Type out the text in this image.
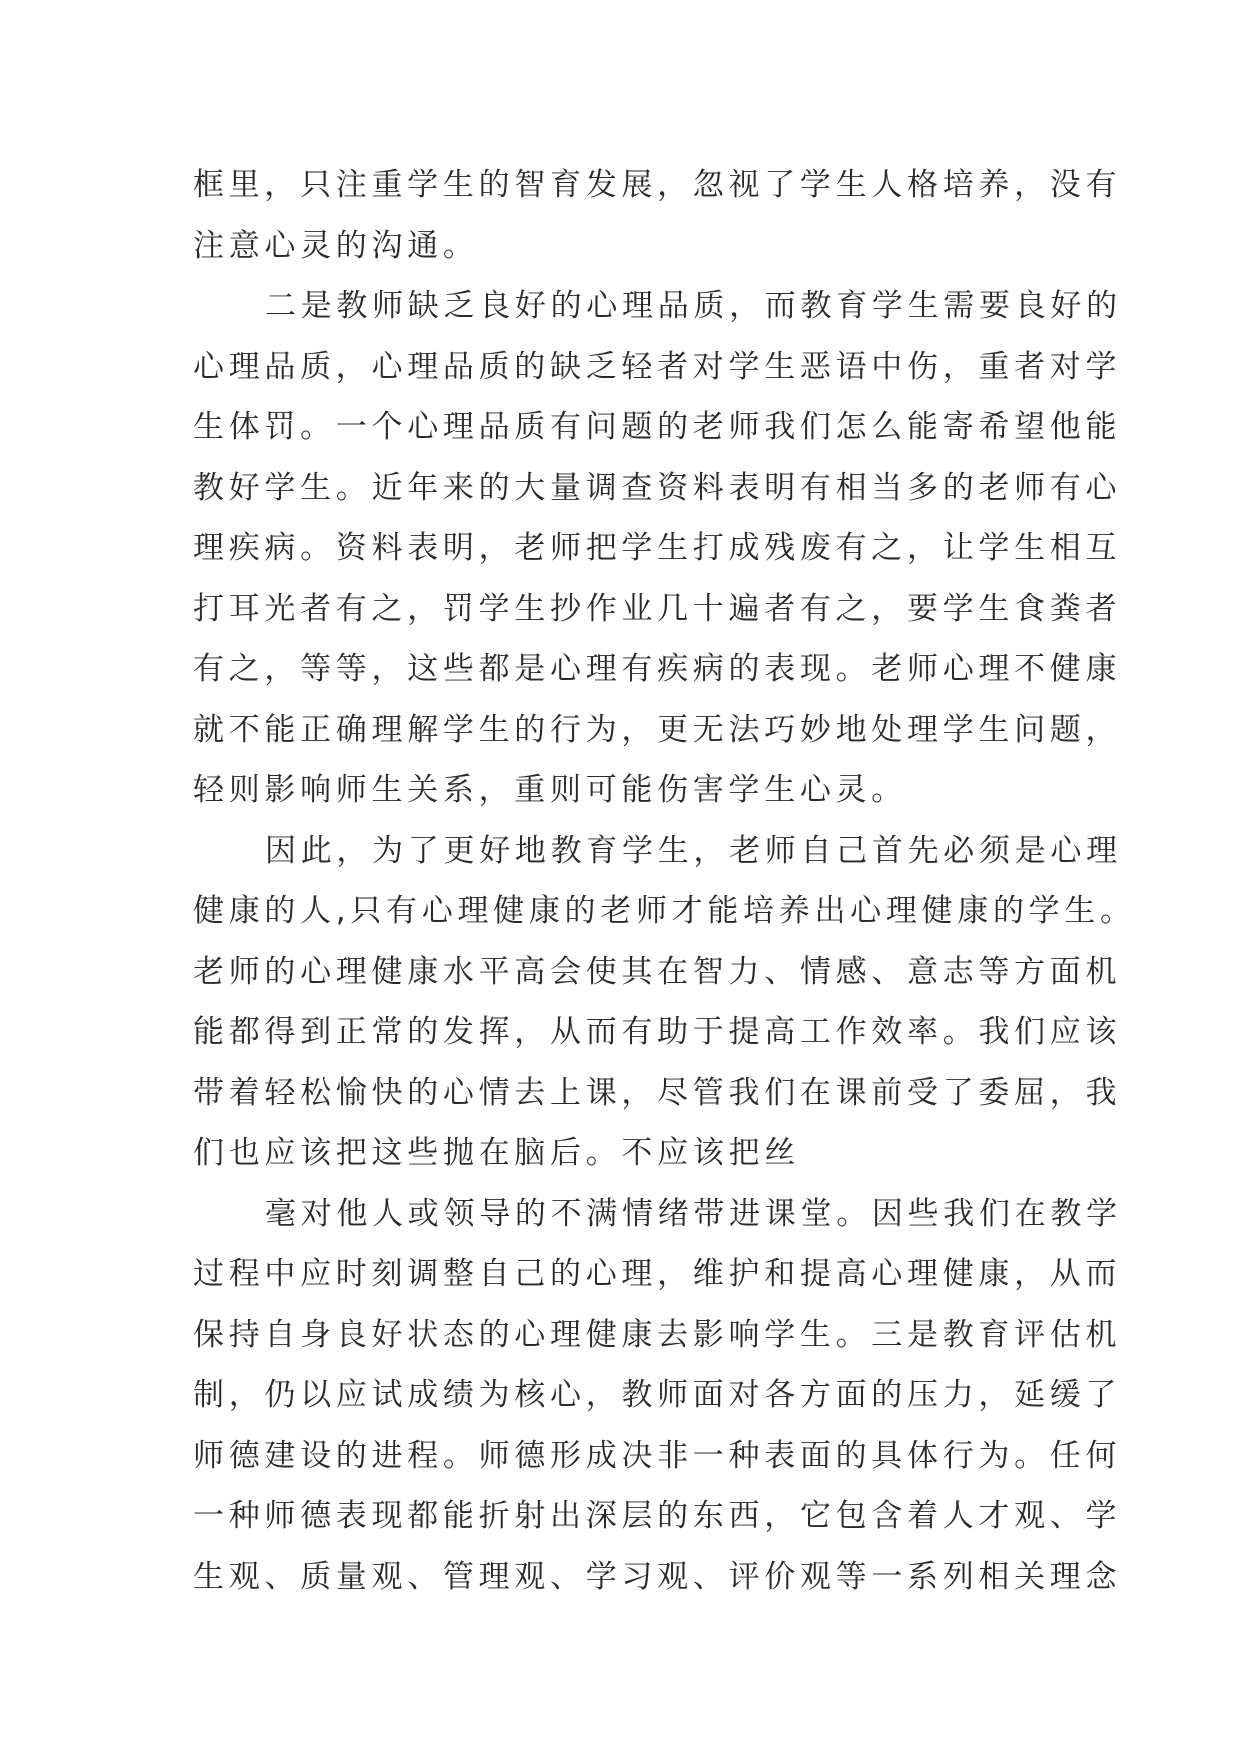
框里，只注重学生的智育发展，忽视了学生人格培养，没有
注意心灵的沟通。
二是教师缺乏良好的心理品质，而教育学生需要良好的
心理品质，心理品质的缺乏轻者对学生恶语中伤，重者对学
生体罚。一个心理品质有问题的老师我们怎么能寄希望他能
教好学生。近年来的大量调查资料表明有相当多的老师有心
理疾病。资料表明，老师把学生打成残废有之，让学生相互
打耳光者有之，罚学生抄作业几十遍者有之，要学生食粪者
有之，等等，这些都是心理有疾病的表现。老师心理不健康
就不能正确理解学生的行为，更无法巧妙地处理学生问题，
轻则影响师生关系，重则可能伤害学生心灵。
因此，为了更好地教育学生，老师自己首先必须是心理
健康的人,只有心理健康的老师才能培养出心理健康的学生。
老师的心理健康水平高会使其在智力、情感、意志等方面机
能都得到正常的发挥，从而有助于提高工作效率。我们应该
带着轻松愉快的心情去上课，尽管我们在课前受了委屈，我
们也应该把这些抛在脑后。不应该把丝
毫对他人或领导的不满情绪带进课堂。因些我们在教学
过程中应时刻调整自己的心理，维护和提高心理健康，从而
保持自身良好状态的心理健康去影响学生。三是教育评估机
制，仍以应试成绩为核心，教师面对各方面的压力，延缓了
师德建设的进程。师德形成决非一种表面的具体行为。任何
一种师德表现都能折射出深层的东西，它包含着人才观、学
生观、质量观、管理观、学习观、评价观等一系列相关理念
